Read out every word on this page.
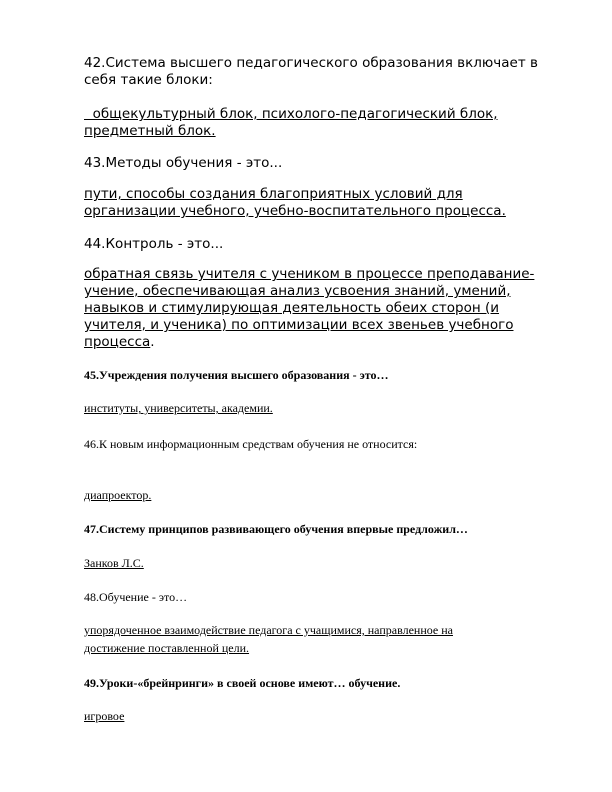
42.Система высшего педагогического образования включает в
себя такие блоки:

общекультурный блок, психолого-педагогический блок,
предметный блок.

43.Методы обучения - это...

пути, способы создания благоприятных условий для
организации учебного, учебно-воспитательного процесса.

44.Контроль - это...

обратная связь учителя с учеником в процессе преподавание-
учение, обеспечивающая анализ усвоения знаний, умений,
навыков и стимулирующая деятельность обеих сторон (и
учителя, и ученика) по оптимизации всех звеньев учебного
процесса.

45.Учреждения получения высшего образования - это…

институты, университеты, академии.

46.К новым информационным средствам обучения не относится:

диапроектор.

47.Систему принципов развивающего обучения впервые предложил…

Занков Л.С.

48.Обучение - это…

упорядоченное взаимодействие педагога с учащимися, направленное на
достижение поставленной цели.

49.Уроки-«брейнринги» в своей основе имеют… обучение.

игровое
